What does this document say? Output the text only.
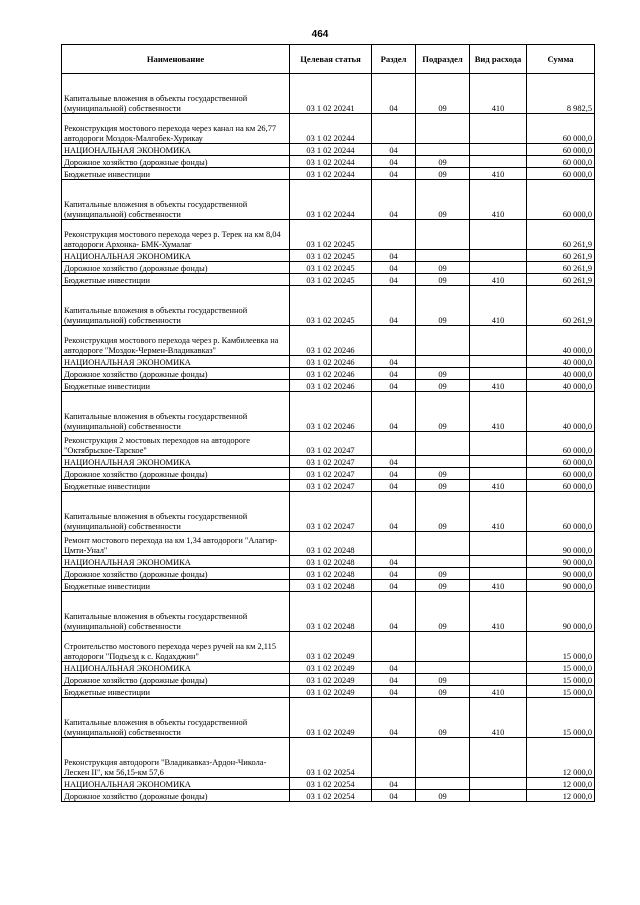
464
Наименование	Целевая статья	Раздел	Подраздел	Вид расхода	Сумма
Капитальные вложения в объекты государственной (муниципальной) собственности	03 1 02 20241	04	09	410	8 982,5
Реконструкция мостового перехода через канал на км 26,77 автодороги Моздок-Малгобек-Хурикау	03 1 02 20244				60 000,0
НАЦИОНАЛЬНАЯ ЭКОНОМИКА	03 1 02 20244	04			60 000,0
Дорожное хозяйство (дорожные фонды)	03 1 02 20244	04	09		60 000,0
Бюджетные инвестиции	03 1 02 20244	04	09	410	60 000,0
Капитальные вложения в объекты государственной (муниципальной) собственности	03 1 02 20244	04	09	410	60 000,0
Реконструкция мостового перехода через р. Терек на км 8,04 автодороги Архонка- БМК-Хумалаг	03 1 02 20245				60 261,9
НАЦИОНАЛЬНАЯ ЭКОНОМИКА	03 1 02 20245	04			60 261,9
Дорожное хозяйство (дорожные фонды)	03 1 02 20245	04	09		60 261,9
Бюджетные инвестиции	03 1 02 20245	04	09	410	60 261,9
Капитальные вложения в объекты государственной (муниципальной) собственности	03 1 02 20245	04	09	410	60 261,9
Реконструкция мостового перехода через р. Камбилеевка на автодороге "Моздок-Чермен-Владикавказ"	03 1 02 20246				40 000,0
НАЦИОНАЛЬНАЯ ЭКОНОМИКА	03 1 02 20246	04			40 000,0
Дорожное хозяйство (дорожные фонды)	03 1 02 20246	04	09		40 000,0
Бюджетные инвестиции	03 1 02 20246	04	09	410	40 000,0
Капитальные вложения в объекты государственной (муниципальной) собственности	03 1 02 20246	04	09	410	40 000,0
Реконструкция 2 мостовых переходов на автодороге "Октябрьское-Тарское"	03 1 02 20247				60 000,0
НАЦИОНАЛЬНАЯ ЭКОНОМИКА	03 1 02 20247	04			60 000,0
Дорожное хозяйство (дорожные фонды)	03 1 02 20247	04	09		60 000,0
Бюджетные инвестиции	03 1 02 20247	04	09	410	60 000,0
Капитальные вложения в объекты государственной (муниципальной) собственности	03 1 02 20247	04	09	410	60 000,0
Ремонт мостового перехода на км 1,34 автодороги "Алагир-Цмти-Унал"	03 1 02 20248				90 000,0
НАЦИОНАЛЬНАЯ ЭКОНОМИКА	03 1 02 20248	04			90 000,0
Дорожное хозяйство (дорожные фонды)	03 1 02 20248	04	09		90 000,0
Бюджетные инвестиции	03 1 02 20248	04	09	410	90 000,0
Капитальные вложения в объекты государственной (муниципальной) собственности	03 1 02 20248	04	09	410	90 000,0
Строительство мостового перехода через ручей на км 2,115 автодороги "Подъезд к с. Кодахджин"	03 1 02 20249				15 000,0
НАЦИОНАЛЬНАЯ ЭКОНОМИКА	03 1 02 20249	04			15 000,0
Дорожное хозяйство (дорожные фонды)	03 1 02 20249	04	09		15 000,0
Бюджетные инвестиции	03 1 02 20249	04	09	410	15 000,0
Капитальные вложения в объекты государственной (муниципальной) собственности	03 1 02 20249	04	09	410	15 000,0
Реконструкция автодороги "Владикавказ-Ардон-Чикола-Лескен II", км 56,15-км 57,6	03 1 02 20254				12 000,0
НАЦИОНАЛЬНАЯ ЭКОНОМИКА	03 1 02 20254	04			12 000,0
Дорожное хозяйство (дорожные фонды)	03 1 02 20254	04	09		12 000,0
